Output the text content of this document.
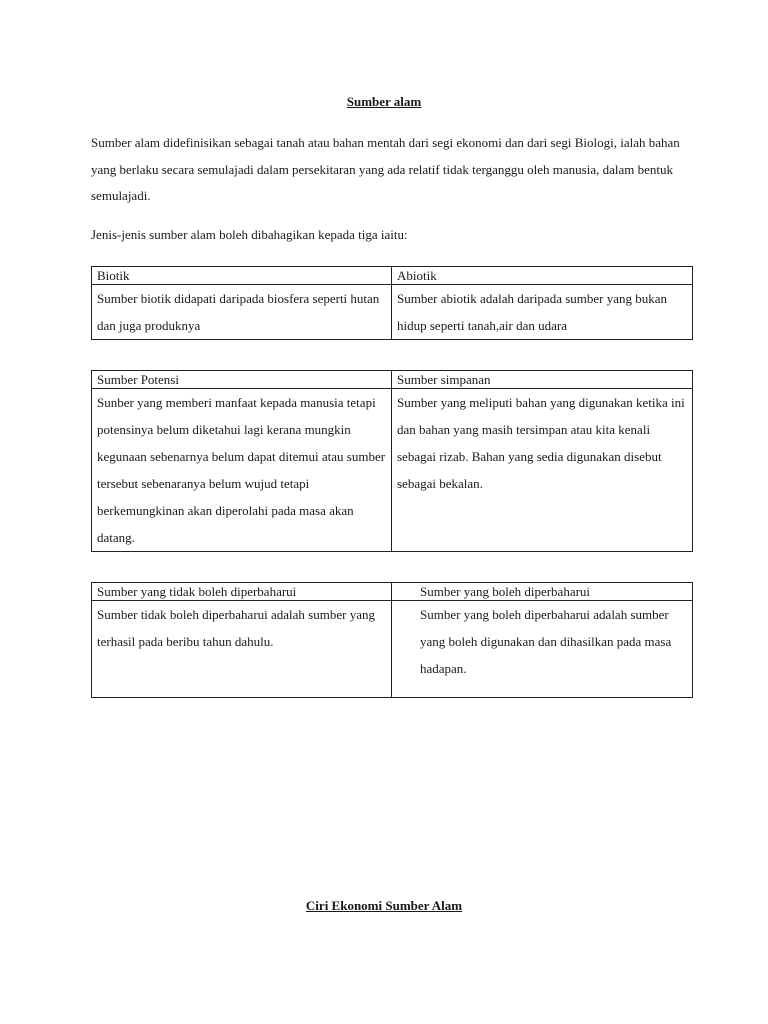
Sumber alam
Sumber alam didefinisikan sebagai tanah atau bahan mentah dari segi ekonomi dan dari segi Biologi, ialah bahan yang berlaku secara semulajadi dalam persekitaran yang ada relatif tidak terganggu oleh manusia, dalam bentuk semulajadi.
Jenis-jenis sumber alam boleh dibahagikan kepada tiga iaitu:
Biotik	Abiotik
Sumber biotik didapati daripada biosfera seperti hutan dan juga produknya	Sumber abiotik adalah daripada sumber yang bukan hidup seperti tanah,air dan udara
Sumber Potensi	Sumber simpanan
Sunber yang memberi manfaat kepada manusia tetapi potensinya belum diketahui lagi kerana mungkin kegunaan sebenarnya belum dapat ditemui atau sumber tersebut sebenaranya belum wujud tetapi berkemungkinan akan diperolahi pada masa akan datang.	Sumber yang meliputi bahan yang digunakan ketika ini dan bahan yang masih tersimpan atau kita kenali sebagai rizab. Bahan yang sedia digunakan disebut sebagai bekalan.
Sumber yang tidak boleh diperbaharui	Sumber yang boleh diperbaharui
Sumber tidak boleh diperbaharui adalah sumber yang terhasil pada beribu tahun dahulu.	Sumber yang boleh diperbaharui adalah sumber yang boleh digunakan dan dihasilkan pada masa hadapan.
Ciri Ekonomi Sumber Alam
